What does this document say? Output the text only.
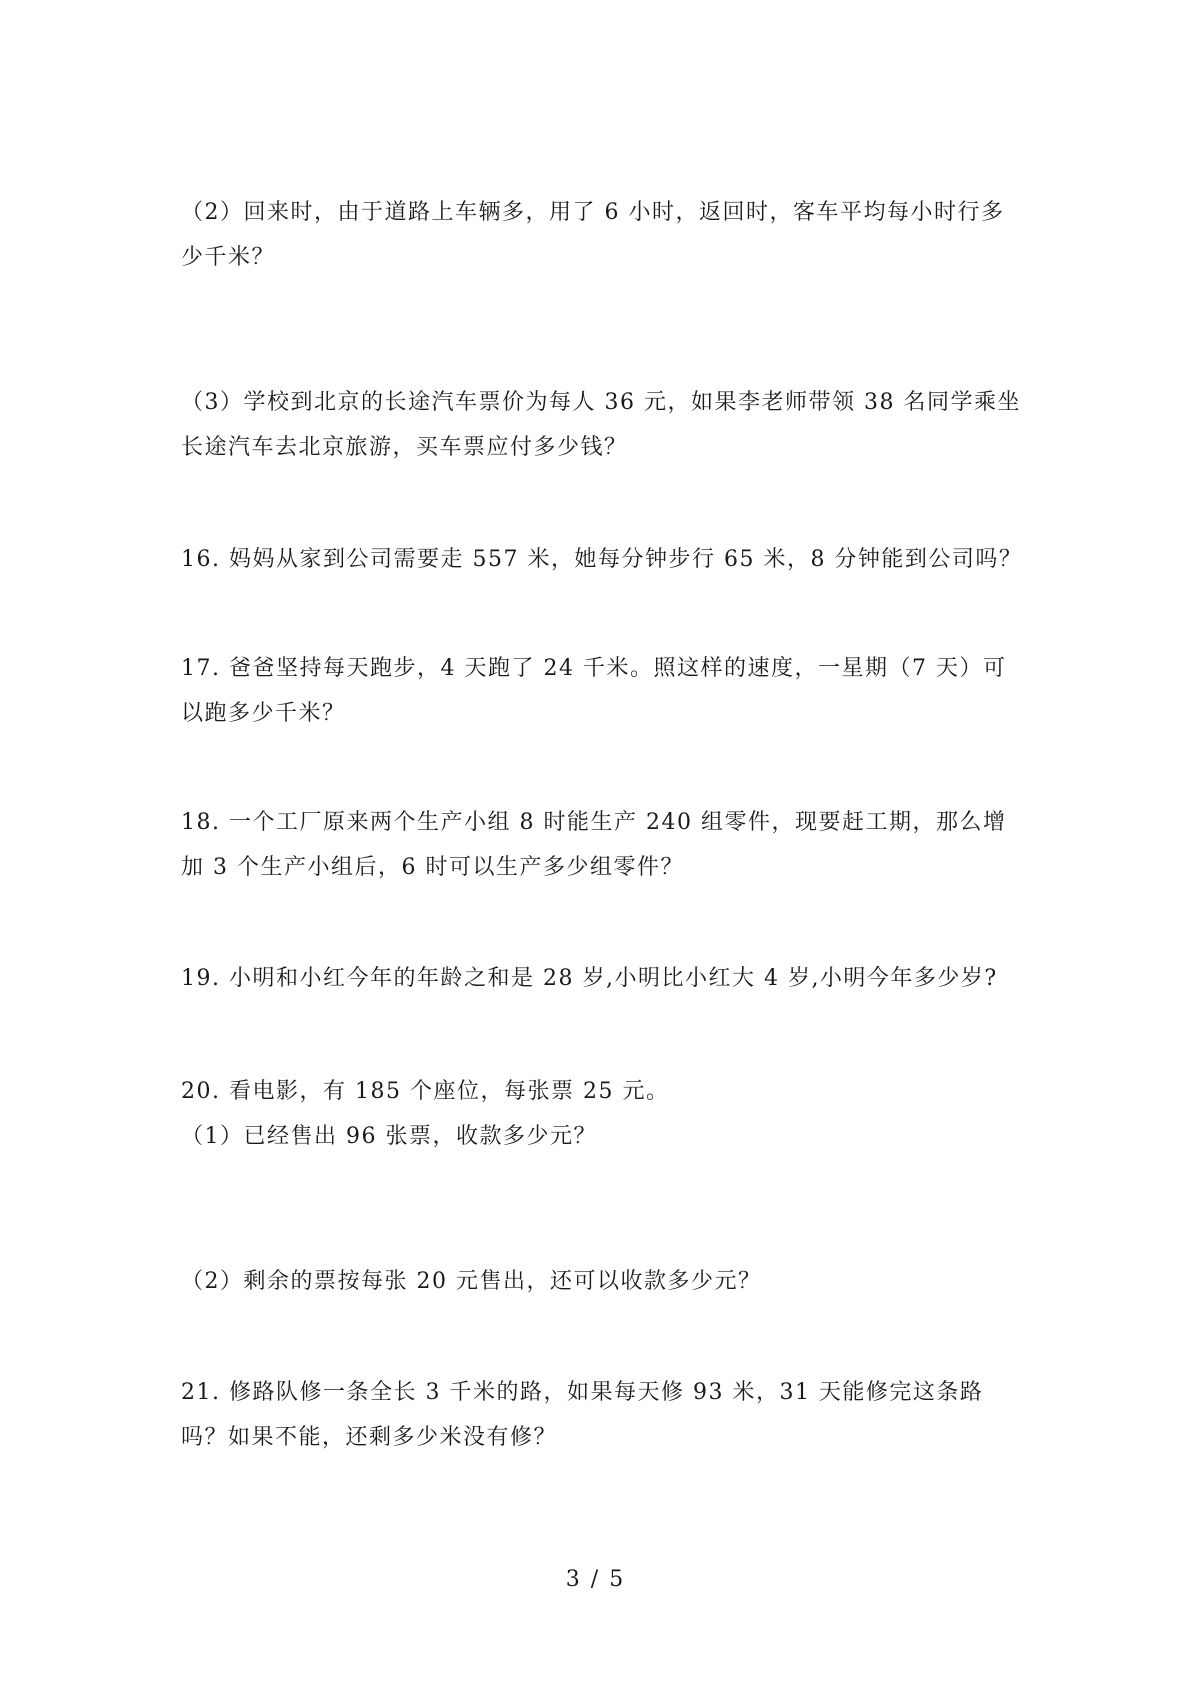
（2）回来时，由于道路上车辆多，用了 6 小时，返回时，客车平均每小时行多
少千米？
（3）学校到北京的长途汽车票价为每人 36 元，如果李老师带领 38 名同学乘坐
长途汽车去北京旅游，买车票应付多少钱？
16. 妈妈从家到公司需要走 557 米，她每分钟步行 65 米，8 分钟能到公司吗？
17. 爸爸坚持每天跑步，4 天跑了 24 千米。照这样的速度，一星期（7 天）可
以跑多少千米？
18. 一个工厂原来两个生产小组 8 时能生产 240 组零件，现要赶工期，那么增
加 3 个生产小组后，6 时可以生产多少组零件？
19. 小明和小红今年的年龄之和是 28 岁,小明比小红大 4 岁,小明今年多少岁?
20. 看电影，有 185 个座位，每张票 25 元。
（1）已经售出 96 张票，收款多少元？
（2）剩余的票按每张 20 元售出，还可以收款多少元？
21. 修路队修一条全长 3 千米的路，如果每天修 93 米，31 天能修完这条路
吗？如果不能，还剩多少米没有修？
3 / 5
